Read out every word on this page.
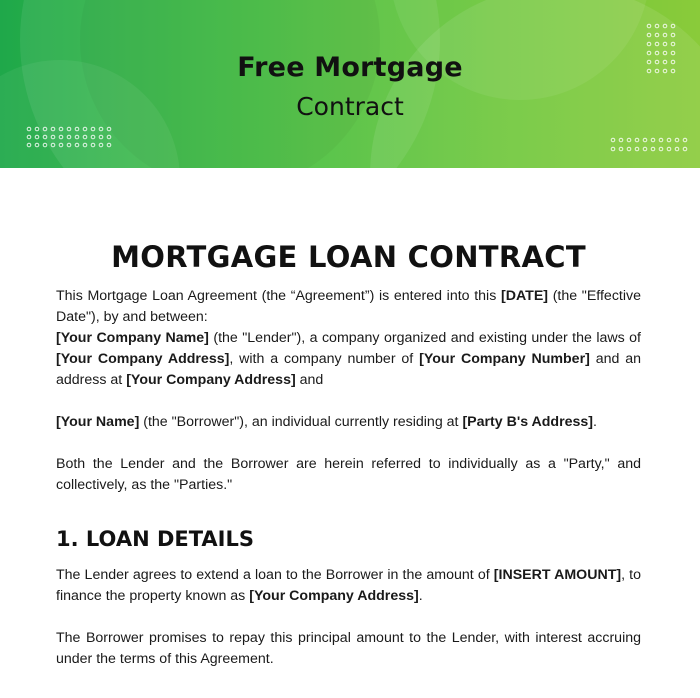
Free Mortgage
Contract
MORTGAGE LOAN CONTRACT

This Mortgage Loan Agreement (the “Agreement”) is entered into this [DATE] (the "Effective Date"), by and between:
[Your Company Name] (the "Lender"), a company organized and existing under the laws of [Your Company Address], with a company number of [Your Company Number] and an address at [Your Company Address] and

[Your Name] (the "Borrower"), an individual currently residing at [Party B's Address].

Both the Lender and the Borrower are herein referred to individually as a "Party," and collectively, as the "Parties."

1. LOAN DETAILS

The Lender agrees to extend a loan to the Borrower in the amount of [INSERT AMOUNT], to finance the property known as [Your Company Address].

The Borrower promises to repay this principal amount to the Lender, with interest accruing under the terms of this Agreement.
